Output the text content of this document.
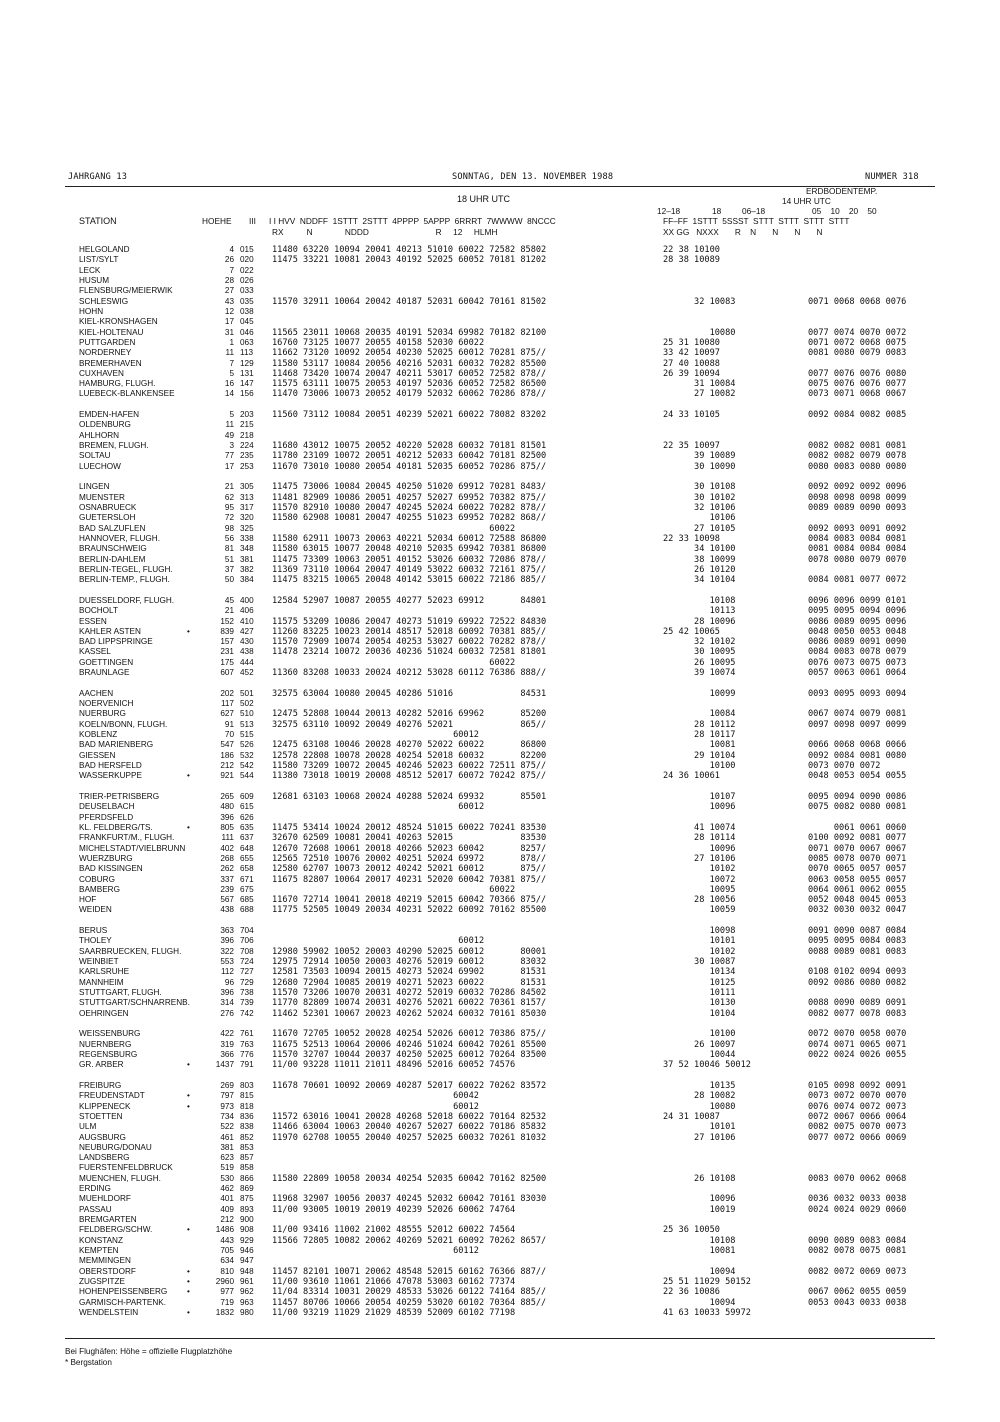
JAHRGANG 13	SONNTAG, DEN 13. NOVEMBER 1988	NUMMER 318
18 UHR UTC
12–18	18	06–18
ERDBODENTEMP.
14 UHR UTC
05    10    20    50
STATION	HOEHE III I I HVV  NDDFF  1STTT  2STTT  4PPPP  5APPP  6RRRT  7WWWW  8NCCC
RX          N              NDDD                             R     12     HLMH
FF–FF  1STTT  5SSST  STTT  STTT  STTT  STTT
XX GG   NXXX       R    N       N       N       N
HELGOLAND	4 015 11480 63220 10094 20041 40213 51010 60022 72582 85802	22 38 10100
LIST/SYLT	26 020 11475 33221 10081 20043 40192 52025 60052 70181 81202	28 38 10089
LECK	7 022
HUSUM	28 026
FLENSBURG/MEIERWIK	27 033
SCHLESWIG	43 035 11570 32911 10064 20042 40187 52031 60042 70161 81502	32 10083	0071 0068 0068 0076
HOHN	12 038
KIEL-KRONSHAGEN	17 045
KIEL-HOLTENAU	31 046 11565 23011 10068 20035 40191 52034 69982 70182 82100	10080	0077 0074 0070 0072
PUTTGARDEN	1 063 16760 73125 10077 20055 40158 52030 60022	25 31 10080	0071 0072 0068 0075
NORDERNEY	11 113 11662 73120 10092 20054 40230 52025 60012 70281 875//	33 42 10097	0081 0080 0079 0083
BREMERHAVEN	7 129 11580 53117 10084 20056 40216 52031 60032 70282 85500	27 40 10088
CUXHAVEN	5 131 11468 73420 10074 20047 40211 53017 60052 72582 878//	26 39 10094	0077 0076 0076 0080
HAMBURG, FLUGH.	16 147 11575 63111 10075 20053 40197 52036 60052 72582 86500	31 10084	0075 0076 0076 0077
LUEBECK-BLANKENSEE	14 156 11470 73006 10073 20052 40179 52032 60062 70286 878//	27 10082	0073 0071 0068 0067
EMDEN-HAFEN	5 203 11560 73112 10084 20051 40239 52021 60022 78082 83202	24 33 10105	0092 0084 0082 0085
OLDENBURG	11 215
AHLHORN	49 218
BREMEN, FLUGH.	3 224 11680 43012 10075 20052 40220 52028 60032 70181 81501	22 35 10097	0082 0082 0081 0081
SOLTAU	77 235 11780 23109 10072 20051 40212 52033 60042 70181 82500	39 10089	0082 0082 0079 0078
LUECHOW	17 253 11670 73010 10080 20054 40181 52035 60052 70286 875//	30 10090	0080 0083 0080 0080
LINGEN	21 305 11475 73006 10084 20045 40250 51020 69912 70281 8483/	30 10108	0092 0092 0092 0096
MUENSTER	62 313 11481 82909 10086 20051 40257 52027 69952 70382 875//	30 10102	0098 0098 0098 0099
OSNABRUECK	95 317 11570 82910 10080 20047 40245 52024 60022 70282 878//	32 10106	0089 0089 0090 0093
GUETERSLOH	72 320 11580 62908 10081 20047 40255 51023 69952 70282 868//	10106
BAD SALZUFLEN	98 325 60022	27 10105	0092 0093 0091 0092
HANNOVER, FLUGH.	56 338 11580 62911 10073 20063 40221 52034 60012 72588 86800	22 33 10098	0084 0083 0084 0081
BRAUNSCHWEIG	81 348 11580 63015 10077 20048 40210 52035 69942 70381 86800	34 10100	0081 0084 0084 0084
BERLIN-DAHLEM	51 381 11475 73309 10063 20051 40152 53026 60032 72086 878//	38 10099	0078 0080 0079 0070
BERLIN-TEGEL, FLUGH.	37 382 11369 73110 10064 20047 40149 53022 60032 72161 875//	26 10120
BERLIN-TEMP., FLUGH.	50 384 11475 83215 10065 20048 40142 53015 60022 72186 885//	34 10104	0084 0081 0077 0072
DUESSELDORF, FLUGH.	45 400 12584 52907 10087 20055 40277 52023 69912       84801	10108	0096 0096 0099 0101
BOCHOLT	21 406	10113	0095 0095 0094 0096
ESSEN	152 410 11575 53209 10086 20047 40273 51019 69922 72522 84830	28 10096	0086 0089 0095 0096
KAHLER ASTEN	•	839 427 11260 83225 10023 20014 48517 52018 60092 70381 885//	25 42 10065	0048 0050 0053 0048
BAD LIPPSPRINGE	157 430 11570 72909 10074 20054 40253 53027 60022 70282 878//	32 10102	0086 0089 0091 0090
KASSEL	231 438 11478 23214 10072 20036 40236 51024 60032 72581 81801	30 10095	0084 0083 0078 0079
GOETTINGEN	175 444 60022	26 10095	0076 0073 0075 0073
BRAUNLAGE	607 452 11360 83208 10033 20024 40212 53028 60112 76386 888//	39 10074	0057 0063 0061 0064
AACHEN	202 501 32575 63004 10080 20045 40286 51016             84531	10099	0093 0095 0093 0094
NOERVENICH	117 502
NUERBURG	627 510 12475 52808 10044 20013 40282 52016 69962       85200	10084	0067 0074 0079 0081
KOELN/BONN, FLUGH.	91 513 32575 63110 10092 20049 40276 52021             865//	28 10112	0097 0098 0097 0099
KOBLENZ	70 515 60012	28 10117
BAD MARIENBERG	547 526 12475 63108 10046 20028 40270 52022 60022       86800	10081	0066 0068 0068 0066
GIESSEN	186 532 12578 22808 10078 20028 40254 52018 60032       82200	29 10104	0092 0084 0081 0080
BAD HERSFELD	212 542 11580 73209 10072 20045 40246 52023 60022 72511 875//	10100	0073 0070 0072
WASSERKUPPE	•	921 544 11380 73018 10019 20008 48512 52017 60072 70242 875//	24 36 10061	0048 0053 0054 0055
TRIER-PETRISBERG	265 609 12681 63103 10068 20024 40288 52024 69932       85501	10107	0095 0094 0090 0086
DEUSELBACH	480 615 60012	10096	0075 0082 0080 0081
PFERDSFELD	396 626
KL. FELDBERG/TS.	•	805 635 11475 53414 10024 20012 48524 51015 60022 70241 83530	41 10074	0061 0061 0060
FRANKFURT/M., FLUGH.	111 637 32670 62509 10081 20041 40263 52015             83530	28 10114	0100 0092 0081 0077
MICHELSTADT/VIELBRUNN	402 648 12670 72608 10061 20018 40266 52023 60042       8257/	10096	0071 0070 0067 0067
WUERZBURG	268 655 12565 72510 10076 20002 40251 52024 69972       878//	27 10106	0085 0078 0070 0071
BAD KISSINGEN	262 658 12580 62707 10073 20012 40242 52021 60012       875//	10102	0070 0065 0057 0057
COBURG	337 671 11675 82807 10064 20017 40231 52020 60042 70381 875//	10072	0063 0058 0055 0057
BAMBERG	239 675 60022	10095	0064 0061 0062 0055
HOF	567 685 11670 72714 10041 20018 40219 52015 60042 70366 875//	28 10056	0052 0048 0045 0053
WEIDEN	438 688 11775 52505 10049 20034 40231 52022 60092 70162 85500	10059	0032 0030 0032 0047
BERUS	363 704	10098	0091 0090 0087 0084
THOLEY	396 706 60012	10101	0095 0095 0084 0083
SAARBRUECKEN, FLUGH.	322 708 12980 59902 10052 20003 40290 52025 60012       80001	10102	0088 0089 0081 0083
WEINBIET	553 724 12975 72914 10050 20003 40276 52019 60012       83032	30 10087
KARLSRUHE	112 727 12581 73503 10094 20015 40273 52024 69902       81531	10134	0108 0102 0094 0093
MANNHEIM	96 729 12680 72904 10085 20019 40271 52023 60022       81531	10125	0092 0086 0080 0082
STUTTGART, FLUGH.	396 738 11570 73206 10070 20031 40272 52019 60032 70286 84502	10111
STUTTGART/SCHNARRENB.	314 739 11770 82809 10074 20031 40276 52021 60022 70361 8157/	10130	0088 0090 0089 0091
OEHRINGEN	276 742 11462 52301 10067 20023 40262 52024 60032 70161 85030	10104	0082 0077 0078 0083
WEISSENBURG	422 761 11670 72705 10052 20028 40254 52026 60012 70386 875//	10100	0072 0070 0058 0070
NUERNBERG	319 763 11675 52513 10064 20006 40246 51024 60042 70261 85500	26 10097	0074 0071 0065 0071
REGENSBURG	366 776 11570 32707 10044 20037 40250 52025 60012 70264 83500	10044	0022 0024 0026 0055
GR. ARBER	•	1437 791 11/00 93228 11011 21011 48496 52016 60052 74576	37 52 10046 50012
FREIBURG	269 803 11678 70601 10092 20069 40287 52017 60022 70262 83572	10135	0105 0098 0092 0091
FREUDENSTADT	•	797 815 60042	28 10082	0073 0072 0070 0070
KLIPPENECK	•	973 818 60012	10080	0076 0074 0072 0073
STOETTEN	734 836 11572 63016 10041 20028 40268 52018 60022 70164 82532	24 31 10087	0072 0067 0066 0064
ULM	522 838 11466 63004 10063 20040 40267 52027 60022 70186 85832	10101	0082 0075 0070 0073
AUGSBURG	461 852 11970 62708 10055 20040 40257 52025 60032 70261 81032	27 10106	0077 0072 0066 0069
NEUBURG/DONAU	381 853
LANDSBERG	623 857
FUERSTENFELDBRUCK	519 858
MUENCHEN, FLUGH.	530 866 11580 22809 10058 20034 40254 52035 60042 70162 82500	26 10108	0083 0070 0062 0068
ERDING	462 869
MUEHLDORF	401 875 11968 32907 10056 20037 40245 52032 60042 70161 83030	10096	0036 0032 0033 0038
PASSAU	409 893 11/00 93005 10019 20019 40239 52026 60062 74764	10019	0024 0024 0029 0060
BREMGARTEN	212 900
FELDBERG/SCHW.	•	1486 908 11/00 93416 11002 21002 48555 52012 60022 74564	25 36 10050
KONSTANZ	443 929 11566 72805 10082 20062 40269 52021 60092 70262 8657/	10108	0090 0089 0083 0084
KEMPTEN	705 946 60112	10081	0082 0078 0075 0081
MEMMINGEN	634 947
OBERSTDORF	•	810 948 11457 82101 10071 20062 48548 52015 60162 76366 887//	10094	0082 0072 0069 0073
ZUGSPITZE	•	2960 961 11/00 93610 11061 21066 47078 53003 60162 77374	25 51 11029 50152
HOHENPEISSENBERG •	977 962 11/04 83314 10031 20029 48533 53026 60122 74164 885//	22 36 10086	0067 0062 0055 0059
GARMISCH-PARTENK.	719 963 11457 80706 10066 20054 40259 53020 60102 70364 885//	10094	0053 0043 0033 0038
WENDELSTEIN	•	1832 980 11/00 93219 11029 21029 48539 52009 60102 77198	41 63 10033 59972
Bei Flughäfen: Höhe = offizielle Flugplatzhöhe
* Bergstation
